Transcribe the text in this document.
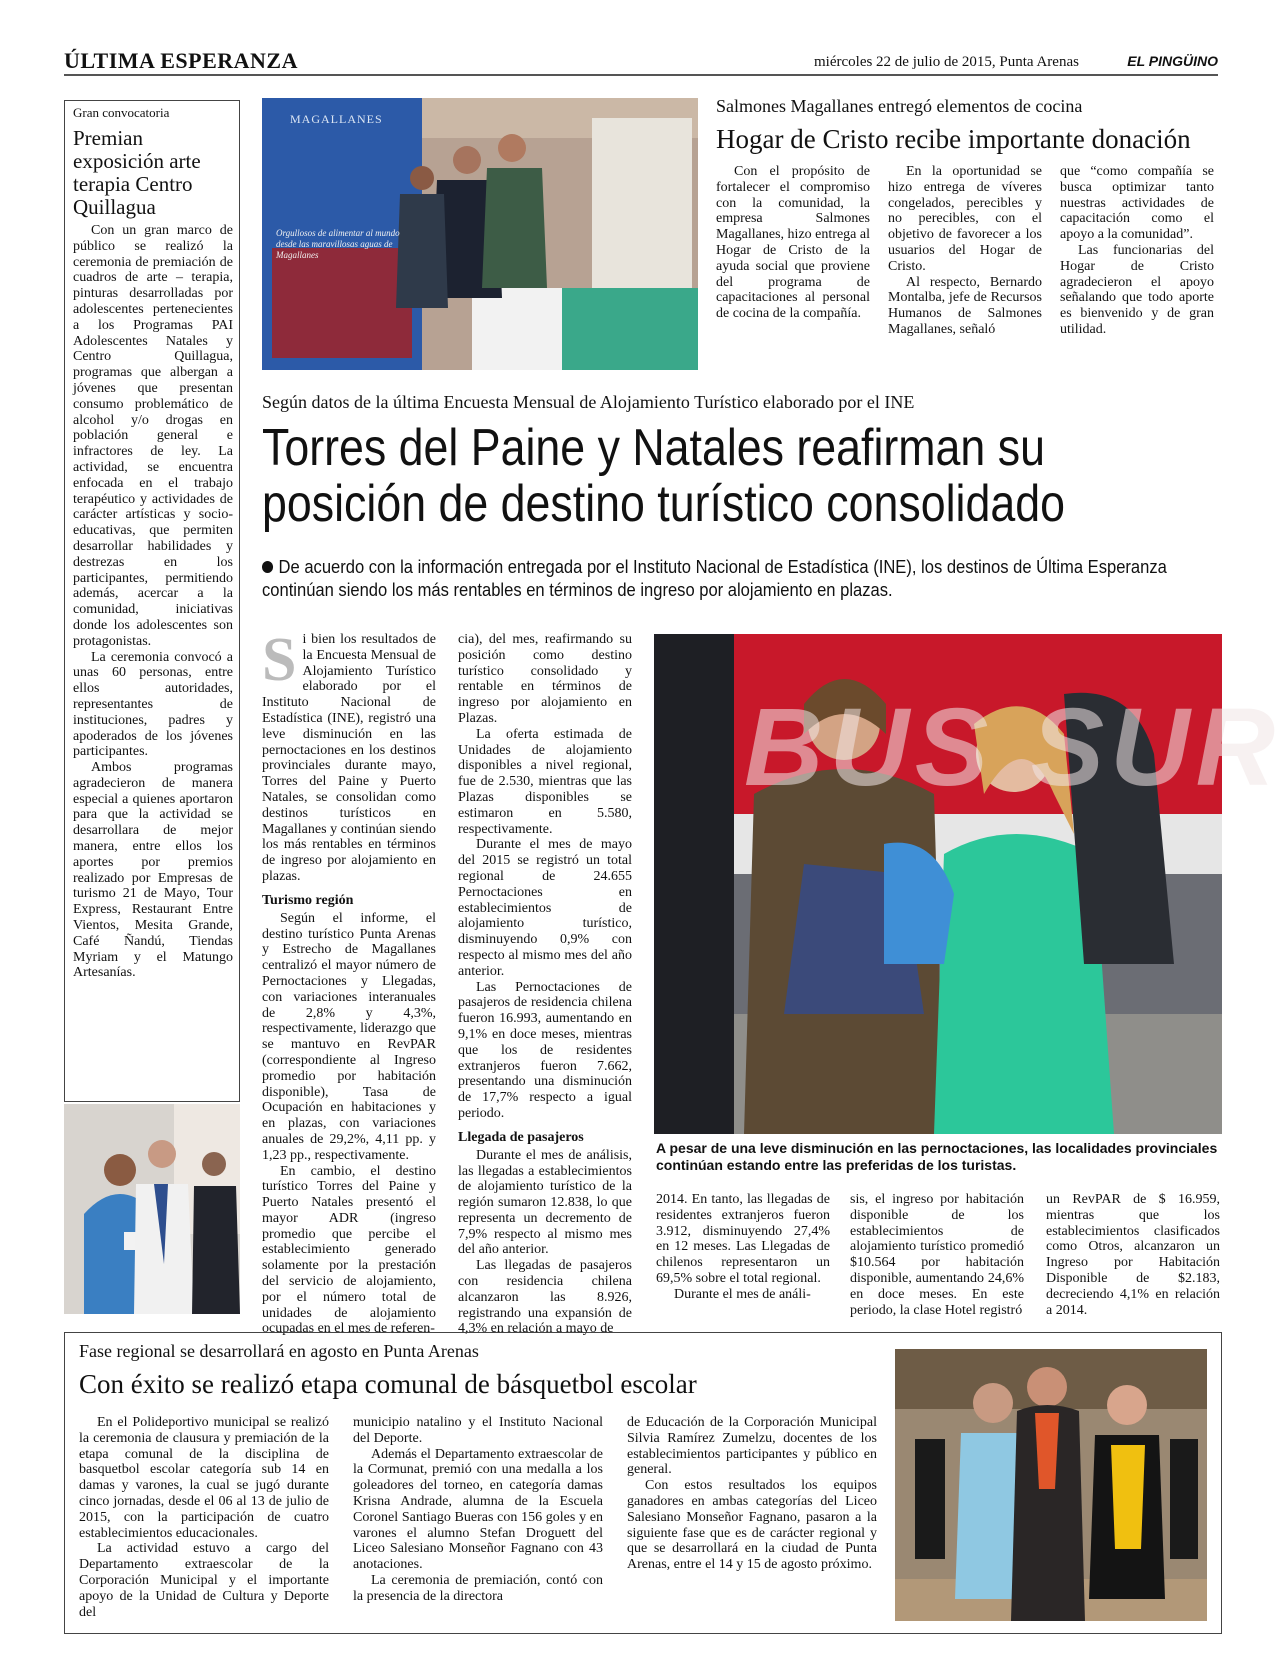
ÚLTIMA ESPERANZA	miércoles 22 de julio de 2015, Punta Arenas	EL PINGÜINO
Gran convocatoria
Premian exposición arte terapia Centro Quillagua

Con un gran marco de público se realizó la ceremonia de premiación de cuadros de arte – terapia, pinturas desarrolladas por adolescentes pertenecientes a los Programas PAI Adolescentes Natales y Centro Quillagua, programas que albergan a jóvenes que presentan consumo problemático de alcohol y/o drogas en población general e infractores de ley. La actividad, se encuentra enfocada en el trabajo terapéutico y actividades de carácter artísticas y socio-educativas, que permiten desarrollar habilidades y destrezas en los participantes, permitiendo además, acercar a la comunidad, iniciativas donde los adolescentes son protagonistas.

La ceremonia convocó a unas 60 personas, entre ellos autoridades, representantes de instituciones, padres y apoderados de los jóvenes participantes.

Ambos programas agradecieron de manera especial a quienes aportaron para que la actividad se desarrollara de mejor manera, entre ellos los aportes por premios realizado por Empresas de turismo 21 de Mayo, Tour Express, Restaurant Entre Vientos, Mesita Grande, Café Ñandú, Tiendas Myriam y el Matungo Artesanías.

MAGALLANES
Orgullosos de alimentar al mundo desde las maravillosas aguas de Magallanes
Salmones Magallanes entregó elementos de cocina
Hogar de Cristo recibe importante donación

Con el propósito de fortalecer el compromiso con la comunidad, la empresa Salmones Magallanes, hizo entrega al Hogar de Cristo de la ayuda social que proviene del programa de capacitaciones al personal de cocina de la compañía.

En la oportunidad se hizo entrega de víveres congelados, perecibles y no perecibles, con el objetivo de favorecer a los usuarios del Hogar de Cristo.

Al respecto, Bernardo Montalba, jefe de Recursos Humanos de Salmones Magallanes, señaló

que “como compañía se busca optimizar tanto nuestras actividades de capacitación como el apoyo a la comunidad”.

Las funcionarias del Hogar de Cristo agradecieron el apoyo señalando que todo aporte es bienvenido y de gran utilidad.

Según datos de la última Encuesta Mensual de Alojamiento Turístico elaborado por el INE
Torres del Paine y Natales reafirman su
posición de destino turístico consolidado
De acuerdo con la información entregada por el Instituto Nacional de Estadística (INE), los destinos de Última Esperanza continúan siendo los más rentables en términos de ingreso por alojamiento en plazas.

Si bien los resultados de la Encuesta Mensual de Alojamiento Turístico elaborado por el Instituto Nacional de Estadística (INE), registró una leve disminución en las pernoctaciones en los destinos provinciales durante mayo, Torres del Paine y Puerto Natales, se consolidan como destinos turísticos en Magallanes y continúan siendo los más rentables en términos de ingreso por alojamiento en plazas.

Turismo región

Según el informe, el destino turístico Punta Arenas y Estrecho de Magallanes centralizó el mayor número de Pernoctaciones y Llegadas, con variaciones interanuales de 2,8% y 4,3%, respectivamente, liderazgo que se mantuvo en RevPAR (correspondiente al Ingreso promedio por habitación disponible), Tasa de Ocupación en habitaciones y en plazas, con variaciones anuales de 29,2%, 4,11 pp. y 1,23 pp., respectivamente.

En cambio, el destino turístico Torres del Paine y Puerto Natales presentó el mayor ADR (ingreso promedio que percibe el establecimiento generado solamente por la prestación del servicio de alojamiento, por el número total de unidades de alojamiento ocupadas en el mes de referen-

cia), del mes, reafirmando su posición como destino turístico consolidado y rentable en términos de ingreso por alojamiento en Plazas.

La oferta estimada de Unidades de alojamiento disponibles a nivel regional, fue de 2.530, mientras que las Plazas disponibles se estimaron en 5.580, respectivamente.

Durante el mes de mayo del 2015 se registró un total regional de 24.655 Pernoctaciones en establecimientos de alojamiento turístico, disminuyendo 0,9% con respecto al mismo mes del año anterior.

Las Pernoctaciones de pasajeros de residencia chilena fueron 16.993, aumentando en 9,1% en doce meses, mientras que los de residentes extranjeros fueron 7.662, presentando una disminución de 17,7% respecto a igual periodo.

Llegada de pasajeros

Durante el mes de análisis, las llegadas a establecimientos de alojamiento turístico de la región sumaron 12.838, lo que representa un decremento de 7,9% respecto al mismo mes del año anterior.

Las llegadas de pasajeros con residencia chilena alcanzaron las 8.926, registrando una expansión de 4,3% en relación a mayo de

BUS SUR
A pesar de una leve disminución en las pernoctaciones, las localidades provinciales continúan estando entre las preferidas de los turistas.

2014. En tanto, las llegadas de residentes extranjeros fueron 3.912, disminuyendo 27,4% en 12 meses. Las Llegadas de chilenos representaron un 69,5% sobre el total regional.

Durante el mes de análi-

sis, el ingreso por habitación disponible de los establecimientos de alojamiento turístico promedió $10.564 por habitación disponible, aumentando 24,6% en doce meses. En este periodo, la clase Hotel registró

un RevPAR de $ 16.959, mientras que los establecimientos clasificados como Otros, alcanzaron un Ingreso por Habitación Disponible de $2.183, decreciendo 4,1% en relación a 2014.

Fase regional se desarrollará en agosto en Punta Arenas
Con éxito se realizó etapa comunal de básquetbol escolar

En el Polideportivo municipal se realizó la ceremonia de clausura y premiación de la etapa comunal de la disciplina de basquetbol escolar categoría sub 14 en damas y varones, la cual se jugó durante cinco jornadas, desde el 06 al 13 de julio de 2015, con la participación de cuatro establecimientos educacionales.

La actividad estuvo a cargo del Departamento extraescolar de la Corporación Municipal y el importante apoyo de la Unidad de Cultura y Deporte del

municipio natalino y el Instituto Nacional del Deporte.

Además el Departamento extraescolar de la Cormunat, premió con una medalla a los goleadores del torneo, en categoría damas Krisna Andrade, alumna de la Escuela Coronel Santiago Bueras con 156 goles y en varones el alumno Stefan Droguett del Liceo Salesiano Monseñor Fagnano con 43 anotaciones.

La ceremonia de premiación, contó con la presencia de la directora

de Educación de la Corporación Municipal Silvia Ramírez Zumelzu, docentes de los establecimientos participantes y público en general.

Con estos resultados los equipos ganadores en ambas categorías del Liceo Salesiano Monseñor Fagnano, pasaron a la siguiente fase que es de carácter regional y que se desarrollará en la ciudad de Punta Arenas, entre el 14 y 15 de agosto próximo.
